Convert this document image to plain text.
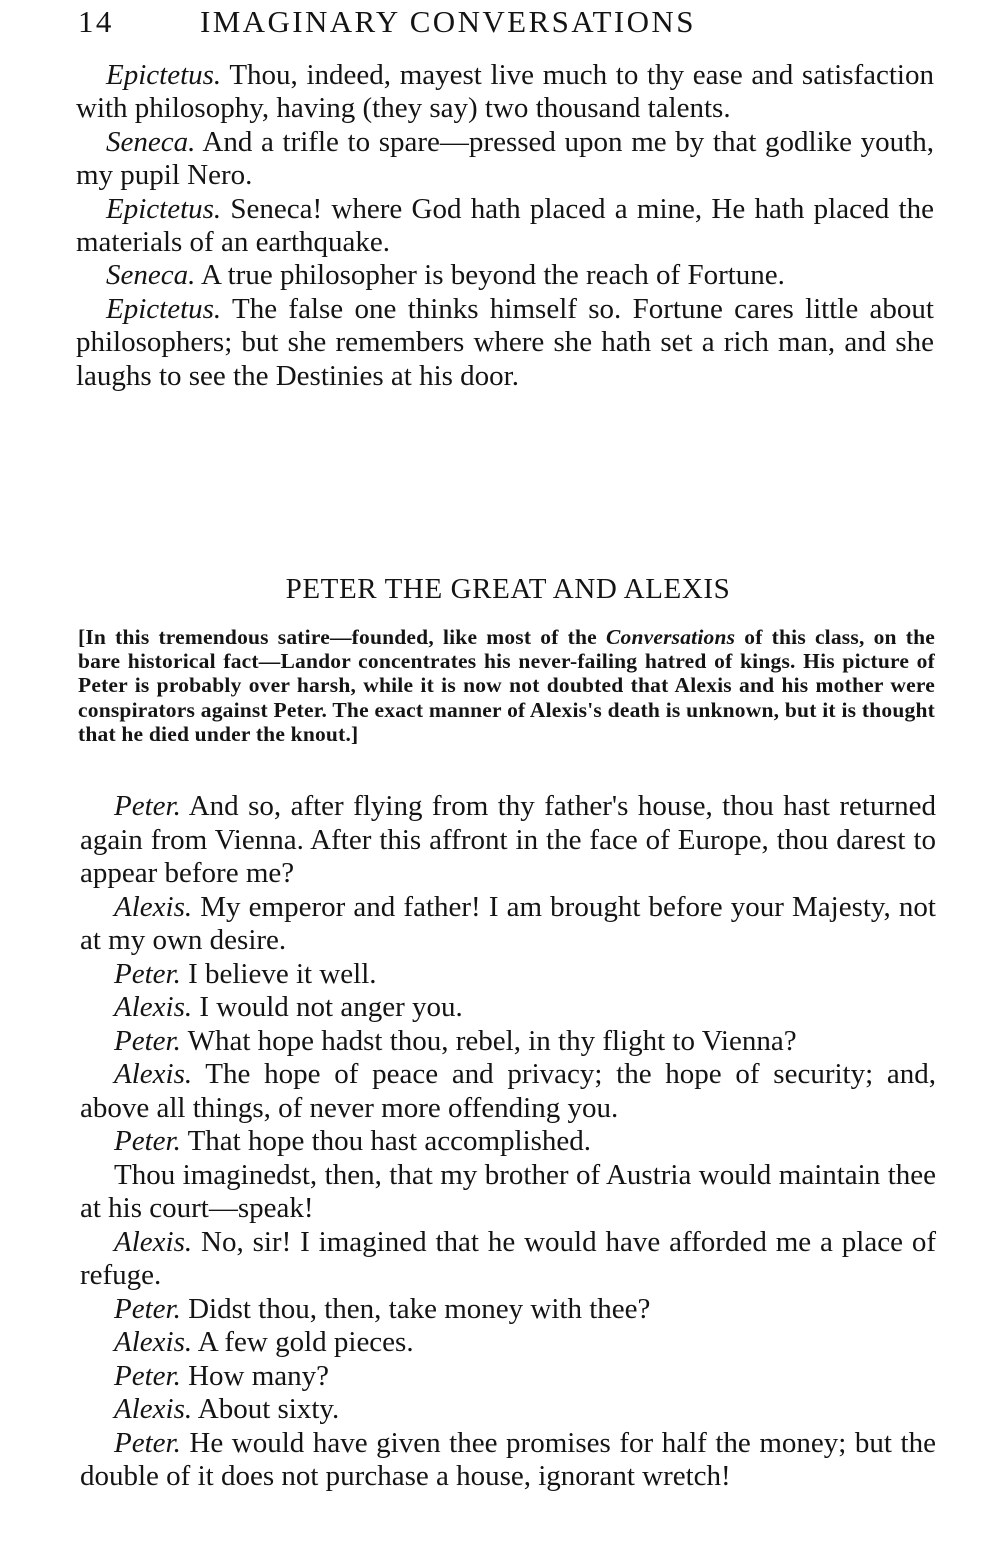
14	IMAGINARY CONVERSATIONS

Epictetus. Thou, indeed, mayest live much to thy ease and satisfaction with philosophy, having (they say) two thousand talents.

Seneca. And a trifle to spare—pressed upon me by that godlike youth, my pupil Nero.

Epictetus. Seneca! where God hath placed a mine, He hath placed the materials of an earthquake.

Seneca. A true philosopher is beyond the reach of Fortune.

Epictetus. The false one thinks himself so. Fortune cares little about philosophers; but she remembers where she hath set a rich man, and she laughs to see the Destinies at his door.

PETER THE GREAT AND ALEXIS

[In this tremendous satire—founded, like most of the Conversations of this class, on the bare historical fact—Landor concentrates his never-failing hatred of kings. His picture of Peter is probably over harsh, while it is now not doubted that Alexis and his mother were conspirators against Peter. The exact manner of Alexis's death is unknown, but it is thought that he died under the knout.]

Peter. And so, after flying from thy father's house, thou hast returned again from Vienna. After this affront in the face of Europe, thou darest to appear before me?

Alexis. My emperor and father! I am brought before your Majesty, not at my own desire.

Peter. I believe it well.

Alexis. I would not anger you.

Peter. What hope hadst thou, rebel, in thy flight to Vienna?

Alexis. The hope of peace and privacy; the hope of security; and, above all things, of never more offending you.

Peter. That hope thou hast accomplished.

Thou imaginedst, then, that my brother of Austria would maintain thee at his court—speak!

Alexis. No, sir! I imagined that he would have afforded me a place of refuge.

Peter. Didst thou, then, take money with thee?

Alexis. A few gold pieces.

Peter. How many?

Alexis. About sixty.

Peter. He would have given thee promises for half the money; but the double of it does not purchase a house, ignorant wretch!
